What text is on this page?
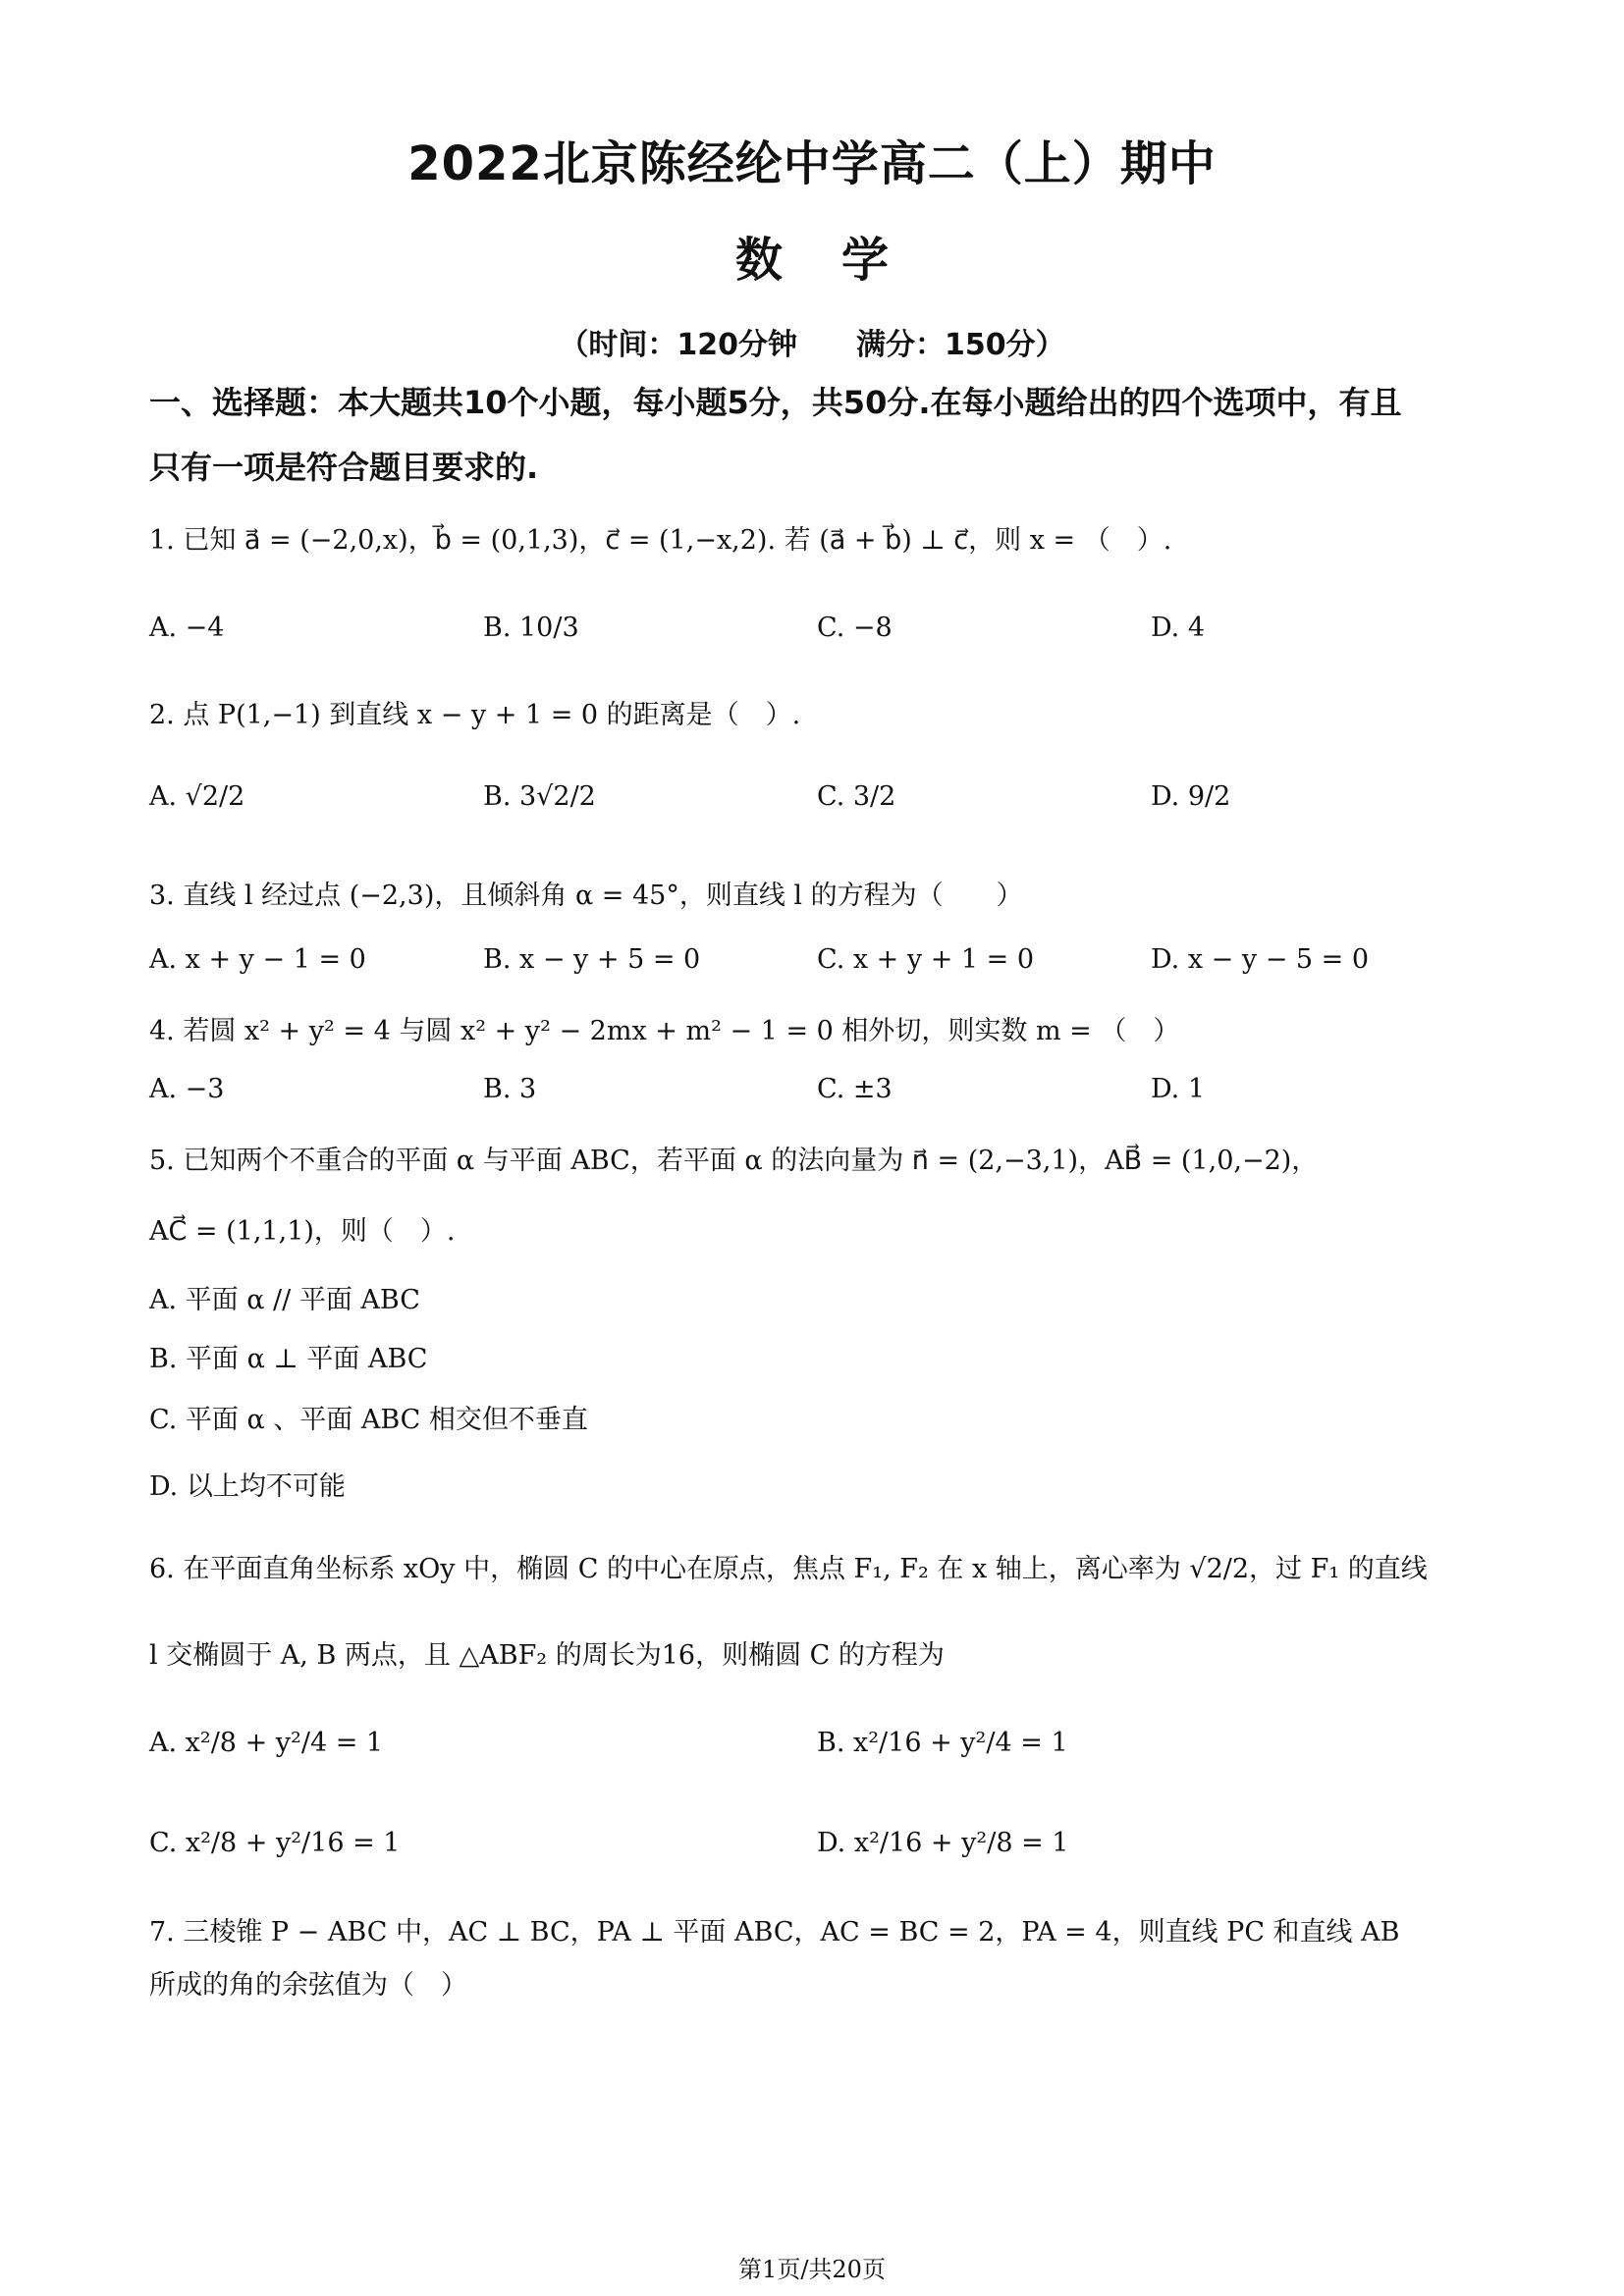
2022北京陈经纶中学高二（上）期中
数学
（时间：120分钟　　满分：150分）
一、选择题：本大题共10个小题，每小题5分，共50分.在每小题给出的四个选项中，有且
只有一项是符合题目要求的.
1. 已知 a⃗ = (−2,0,x)，b⃗ = (0,1,3)，c⃗ = (1,−x,2). 若 (a⃗ + b⃗) ⊥ c⃗，则 x = （　）.
A. −4	B. 10/3	C. −8	D. 4
2. 点 P(1,−1) 到直线 x − y + 1 = 0 的距离是（　）.
A. √2/2	B. 3√2/2	C. 3/2	D. 9/2
3. 直线 l 经过点 (−2,3)，且倾斜角 α = 45°，则直线 l 的方程为（　　）
A. x + y − 1 = 0	B. x − y + 5 = 0	C. x + y + 1 = 0	D. x − y − 5 = 0
4. 若圆 x² + y² = 4 与圆 x² + y² − 2mx + m² − 1 = 0 相外切，则实数 m = （　）
A. −3	B. 3	C. ±3	D. 1
5. 已知两个不重合的平面 α 与平面 ABC，若平面 α 的法向量为 n⃗ = (2,−3,1)，AB⃗ = (1,0,−2)，
AC⃗ = (1,1,1)，则（　）.
A. 平面 α // 平面 ABC
B. 平面 α ⊥ 平面 ABC
C. 平面 α 、平面 ABC 相交但不垂直
D. 以上均不可能
6. 在平面直角坐标系 xOy 中，椭圆 C 的中心在原点，焦点 F₁, F₂ 在 x 轴上，离心率为 √2/2，过 F₁ 的直线
l 交椭圆于 A, B 两点，且 △ABF₂ 的周长为16，则椭圆 C 的方程为
A. x²/8 + y²/4 = 1	B. x²/16 + y²/4 = 1
C. x²/8 + y²/16 = 1	D. x²/16 + y²/8 = 1
7. 三棱锥 P − ABC 中，AC ⊥ BC，PA ⊥ 平面 ABC，AC = BC = 2，PA = 4，则直线 PC 和直线 AB
所成的角的余弦值为（　）
第1页/共20页
